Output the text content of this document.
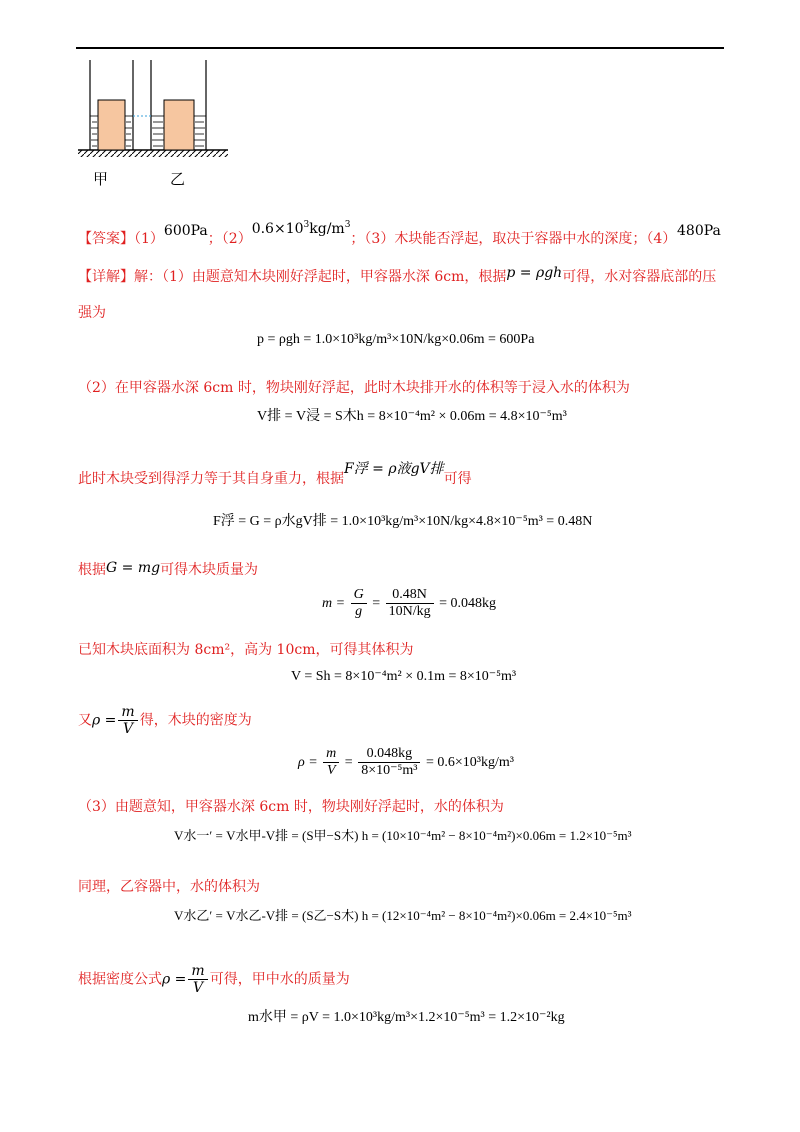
甲	乙
【答案】（1）600Pa；$(2)0.6\times 10^3kg/m^3$；（3）木块能否浮起，取决于容器中水的深度；（4） 480Pa
【详解】解：（1）由题意知木块刚好浮起时，甲容器水深 6cm，根据p = ρgh可得，水对容器底部的压
强为
p = ρgh = 1.0×10³kg/m³×10N/kg×0.06m = 600Pa
（2）在甲容器水深 6cm 时，物块刚好浮起，此时木块排开水的体积等于浸入水的体积为
V排 = V浸 = S木h = 8×10⁻⁴m² × 0.06m = 4.8×10⁻⁵m³
此时木块受到得浮力等于其自身重力，根据F浮 = ρ液gV排可得
F浮 = G = ρ水gV排 = 1.0×10³kg/m³×10N/kg×4.8×10⁻⁵m³ = 0.48N
根据G = mg可得木块质量为
$m = \frac{G}{g} = \frac{0.48N}{10N/kg} = 0.048kg$
已知木块底面积为 8cm²，高为 10cm，可得其体积为
V = Sh = 8×10⁻⁴m² × 0.1m = 8×10⁻⁵m³
又$\rho = \frac{m}{V}$ 得，木块的密度为
$\rho = \frac{m}{V} = \frac{0.048kg}{\text{8×10⁻⁵m³}} = 0.6\times 10^3kg/m^3$
（3）由题意知，甲容器水深 6cm 时，物块刚好浮起时，水的体积为
V水一′ = V水甲-V排 = (S甲−S木) h = (10×10⁻⁴m² − 8×10⁻⁴m²)×0.06m = 1.2×10⁻⁵m³
同理，乙容器中，水的体积为
V水乙′ = V水乙-V排 = (S乙−S木) h = (12×10⁻⁴m² − 8×10⁻⁴m²)×0.06m = 2.4×10⁻⁵m³
根据密度公式$\rho = \frac{m}{V}$ 可得，甲中水的质量为
m水甲 = ρV = 1.0×10³kg/m³×1.2×10⁻⁵m³ = 1.2×10⁻²kg
